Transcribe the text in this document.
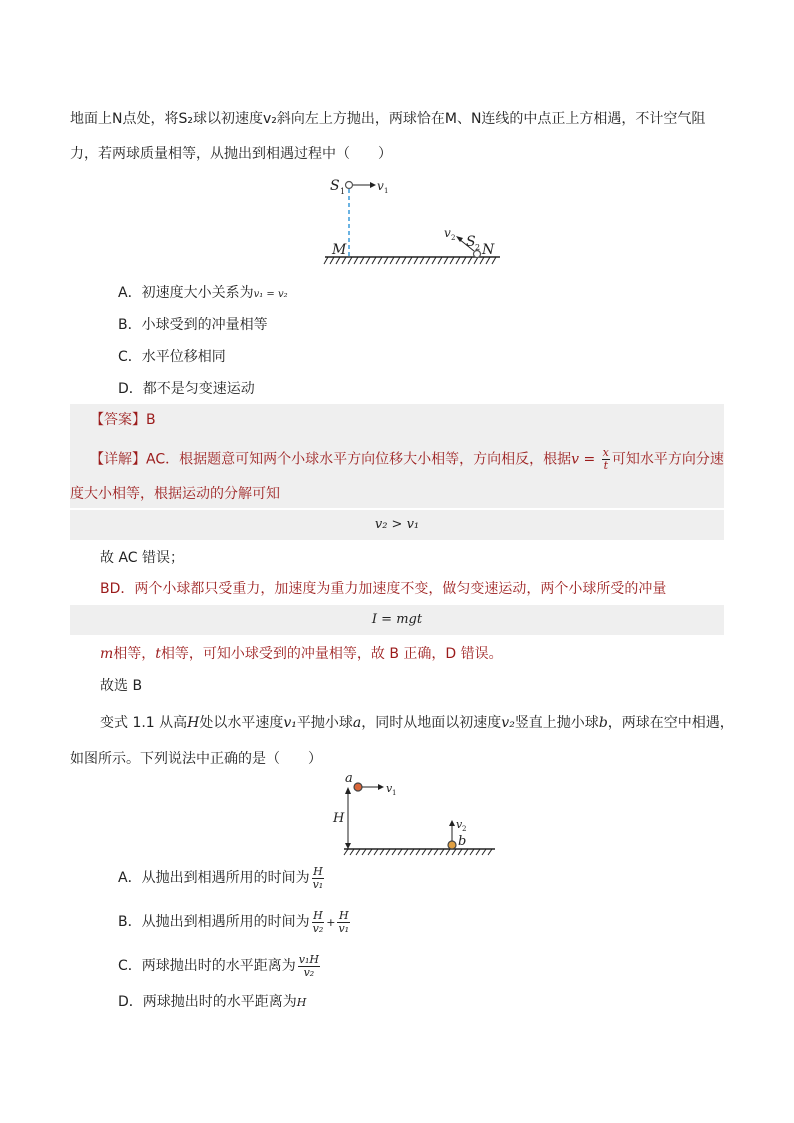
地面上N点处，将S₂球以初速度v₂斜向左上方抛出，两球恰在M、N连线的中点正上方相遇，不计空气阻
力，若两球质量相等，从抛出到相遇过程中（　　）
S 1	v 1
M
v 2 S 2 N
A．初速度大小关系为v₁ = v₂
B．小球受到的冲量相等
C．水平位移相同
D．都不是匀变速运动
【答案】B
【详解】AC．根据题意可知两个小球水平方向位移大小相等，方向相反，根据$v = \frac{x}{t}$ 可知水平方向分速
度大小相等，根据运动的分解可知
v₂ > v₁
故 AC 错误；
BD．两个小球都只受重力，加速度为重力加速度不变，做匀变速运动，两个小球所受的冲量
I = mgt
m相等，t相等，可知小球受到的冲量相等，故 B 正确，D 错误。
故选 B
变式 1.1 从高H处以水平速度v₁平抛小球a，同时从地面以初速度v₂竖直上抛小球b，两球在空中相遇，
如图所示。下列说法中正确的是（　　）
H
a
v 1
v 2
b
A．从抛出到相遇所用的时间为 $\frac{H}{\text{v₁}}$
B．从抛出到相遇所用的时间为 $\frac{H}{\text{v₂}} + \frac{H}{\text{v₁}}$
C．两球抛出时的水平距离为 $\frac{\text{v₁H}}{\text{v₂}}$
D．两球抛出时的水平距离为H
